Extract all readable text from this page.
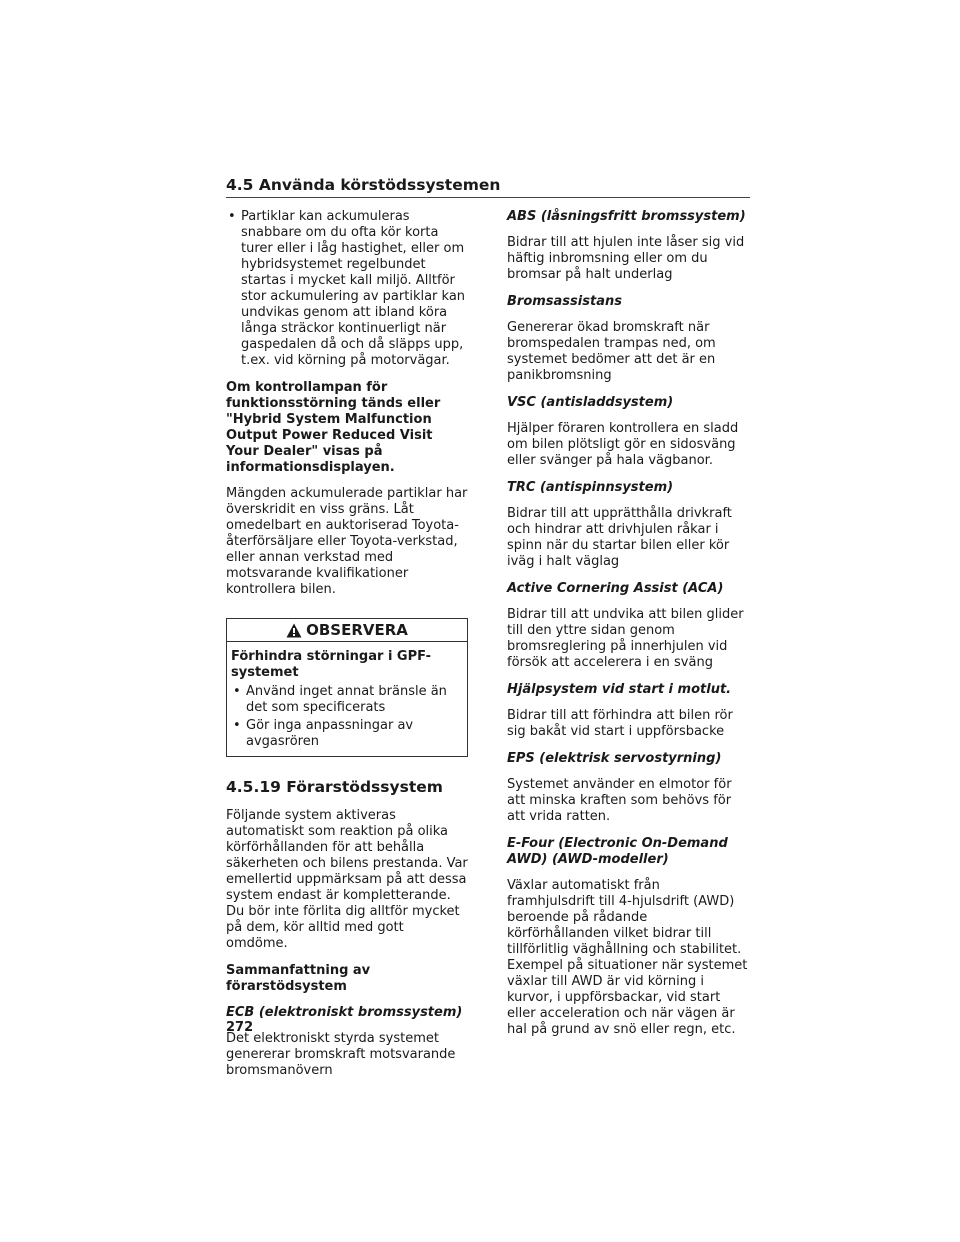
4.5 Använda körstödssystemen
• Partiklar kan ackumuleras snabbare om du ofta kör korta turer eller i låg hastighet, eller om hybridsystemet regelbundet startas i mycket kall miljö. Alltför stor ackumulering av partiklar kan undvikas genom att ibland köra långa sträckor kontinuerligt när gaspedalen då och då släpps upp, t.ex. vid körning på motorvägar.

Om kontrollampan för funktionsstörning tänds eller "Hybrid System Malfunction Output Power Reduced Visit Your Dealer" visas på informationsdisplayen.

Mängden ackumulerade partiklar har överskridit en viss gräns. Låt omedelbart en auktoriserad Toyota-återförsäljare eller Toyota-verkstad, eller annan verkstad med motsvarande kvalifikationer kontrollera bilen.

OBSERVERA

Förhindra störningar i GPF-systemet

• Använd inget annat bränsle än det som specificerats
• Gör inga anpassningar av avgasrören
4.5.19 Förarstödssystem

Följande system aktiveras automatiskt som reaktion på olika körförhållanden för att behålla säkerheten och bilens prestanda. Var emellertid uppmärksam på att dessa system endast är kompletterande. Du bör inte förlita dig alltför mycket på dem, kör alltid med gott omdöme.

Sammanfattning av förarstödsystem

ECB (elektroniskt bromssystem)

Det elektroniskt styrda systemet genererar bromskraft motsvarande bromsmanövern

ABS (låsningsfritt bromssystem)

Bidrar till att hjulen inte låser sig vid häftig inbromsning eller om du bromsar på halt underlag

Bromsassistans

Genererar ökad bromskraft när bromspedalen trampas ned, om systemet bedömer att det är en panikbromsning

VSC (antisladdsystem)

Hjälper föraren kontrollera en sladd om bilen plötsligt gör en sidosväng eller svänger på hala vägbanor.

TRC (antispinnsystem)

Bidrar till att upprätthålla drivkraft och hindrar att drivhjulen råkar i spinn när du startar bilen eller kör iväg i halt väglag

Active Cornering Assist (ACA)

Bidrar till att undvika att bilen glider till den yttre sidan genom bromsreglering på innerhjulen vid försök att accelerera i en sväng

Hjälpsystem vid start i motlut.

Bidrar till att förhindra att bilen rör sig bakåt vid start i uppförsbacke

EPS (elektrisk servostyrning)

Systemet använder en elmotor för att minska kraften som behövs för att vrida ratten.

E-Four (Electronic On-Demand AWD) (AWD-modeller)

Växlar automatiskt från framhjulsdrift till 4-hjulsdrift (AWD) beroende på rådande körförhållanden vilket bidrar till tillförlitlig väghållning och stabilitet. Exempel på situationer när systemet växlar till AWD är vid körning i kurvor, i uppförsbackar, vid start eller acceleration och när vägen är hal på grund av snö eller regn, etc.

272
